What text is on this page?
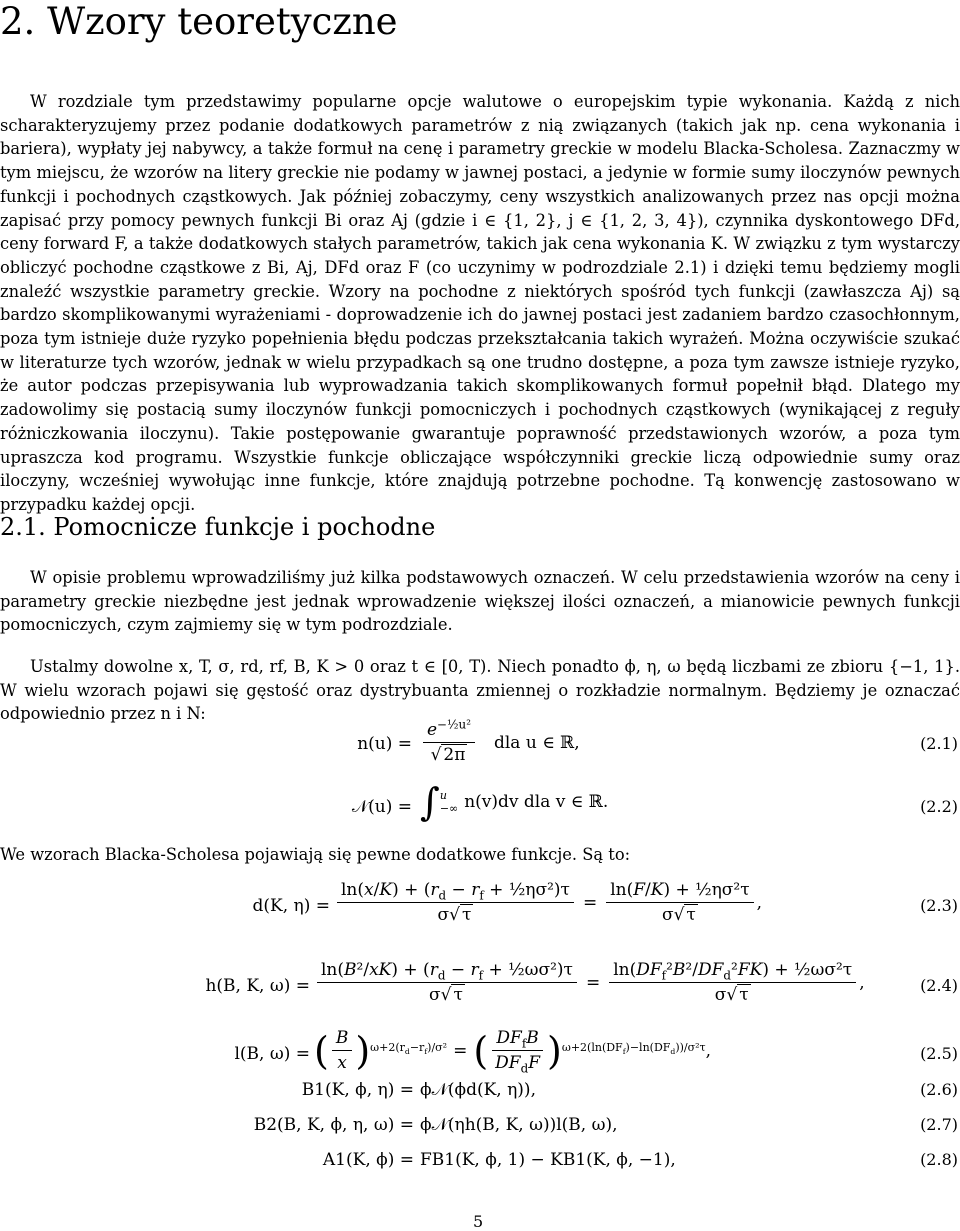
2. Wzory teoretyczne

W rozdziale tym przedstawimy popularne opcje walutowe o europejskim typie wykonania. Każdą z nich scharakteryzujemy przez podanie dodatkowych parametrów z nią związanych (takich jak np. cena wykonania i bariera), wypłaty jej nabywcy, a także formuł na cenę i parametry greckie w modelu Blacka-Scholesa. Zaznaczmy w tym miejscu, że wzorów na litery greckie nie podamy w jawnej postaci, a jedynie w formie sumy iloczynów pewnych funkcji i pochodnych cząstkowych. Jak później zobaczymy, ceny wszystkich analizowanych przez nas opcji można zapisać przy pomocy pewnych funkcji Bi oraz Aj (gdzie i ∈ {1, 2}, j ∈ {1, 2, 3, 4}), czynnika dyskontowego DFd, ceny forward F, a także dodatkowych stałych parametrów, takich jak cena wykonania K. W związku z tym wystarczy obliczyć pochodne cząstkowe z Bi, Aj, DFd oraz F (co uczynimy w podrozdziale 2.1) i dzięki temu będziemy mogli znaleźć wszystkie parametry greckie. Wzory na pochodne z niektórych spośród tych funkcji (zawłaszcza Aj) są bardzo skomplikowanymi wyrażeniami - doprowadzenie ich do jawnej postaci jest zadaniem bardzo czasochłonnym, poza tym istnieje duże ryzyko popełnienia błędu podczas przekształcania takich wyrażeń. Można oczywiście szukać w literaturze tych wzorów, jednak w wielu przypadkach są one trudno dostępne, a poza tym zawsze istnieje ryzyko, że autor podczas przepisywania lub wyprowadzania takich skomplikowanych formuł popełnił błąd. Dlatego my zadowolimy się postacią sumy iloczynów funkcji pomocniczych i pochodnych cząstkowych (wynikającej z reguły różniczkowania iloczynu). Takie postępowanie gwarantuje poprawność przedstawionych wzorów, a poza tym upraszcza kod programu. Wszystkie funkcje obliczające współczynniki greckie liczą odpowiednie sumy oraz iloczyny, wcześniej wywołując inne funkcje, które znajdują potrzebne pochodne. Tą konwencję zastosowano w przypadku każdej opcji.

2.1. Pomocnicze funkcje i pochodne

W opisie problemu wprowadziliśmy już kilka podstawowych oznaczeń. W celu przedstawienia wzorów na ceny i parametry greckie niezbędne jest jednak wprowadzenie większej ilości oznaczeń, a mianowicie pewnych funkcji pomocniczych, czym zajmiemy się w tym podrozdziale.

Ustalmy dowolne x, T, σ, rd, rf, B, K > 0 oraz t ∈ [0, T). Niech ponadto ϕ, η, ω będą liczbami ze zbioru {−1, 1}. W wielu wzorach pojawi się gęstość oraz dystrybuanta zmiennej o rozkładzie normalnym. Będziemy je oznaczać odpowiednio przez n i N:

$n(u) = \frac{e^{-\frac{1}{2}u^2}}{√ 2\pi}$ dla u ∈ ℝ,	(2.1)
𝒩(u) = ∫ u
−∞ n(v)dv dla v ∈ ℝ.	(2.2)

We wzorach Blacka-Scholesa pojawiają się pewne dodatkowe funkcje. Są to:

d(K, $\eta) = \frac{\ln(x/K) + (r_d - r_f + \frac{1}{2}\eta\sigma^2)\tau}{\sigma√ \tau} = \frac{\text{ln(F/K) + ½ησ²τ}}{\sigma√ \tau}$ ,	(2.3)
h(B, K, $\omega) = \frac{\ln(B^2/xK) + (r_d - r_f + \frac{1}{2}\omega\sigma^2)\tau}{\sigma√ \tau} = \frac{\ln(DF_f^2B^2/DF_d^2FK) + \frac{1}{2}\omega\sigma^2\tau}{\sigma√ \tau}$ ,	(2.4)
l(B, ω) = ( $\frac{B}{x}$ ) $\omega+2(r_d-r_f)/\sigma^2$ = ( $\frac{DF_fB}{DF_dF}$ ) $\omega+2(\ln(DF_f)-\ln(DF_d))$/σ²τ ,	(2.5)
B1(K, ϕ, η) = ϕ𝒩(ϕd(K, η)),	(2.6)
B2(B, K, ϕ, η, ω) = ϕ𝒩(ηh(B, K, ω))l(B, ω),	(2.7)
A1(K, ϕ) = FB1(K, ϕ, 1) − KB1(K, ϕ, −1),	(2.8)
5
